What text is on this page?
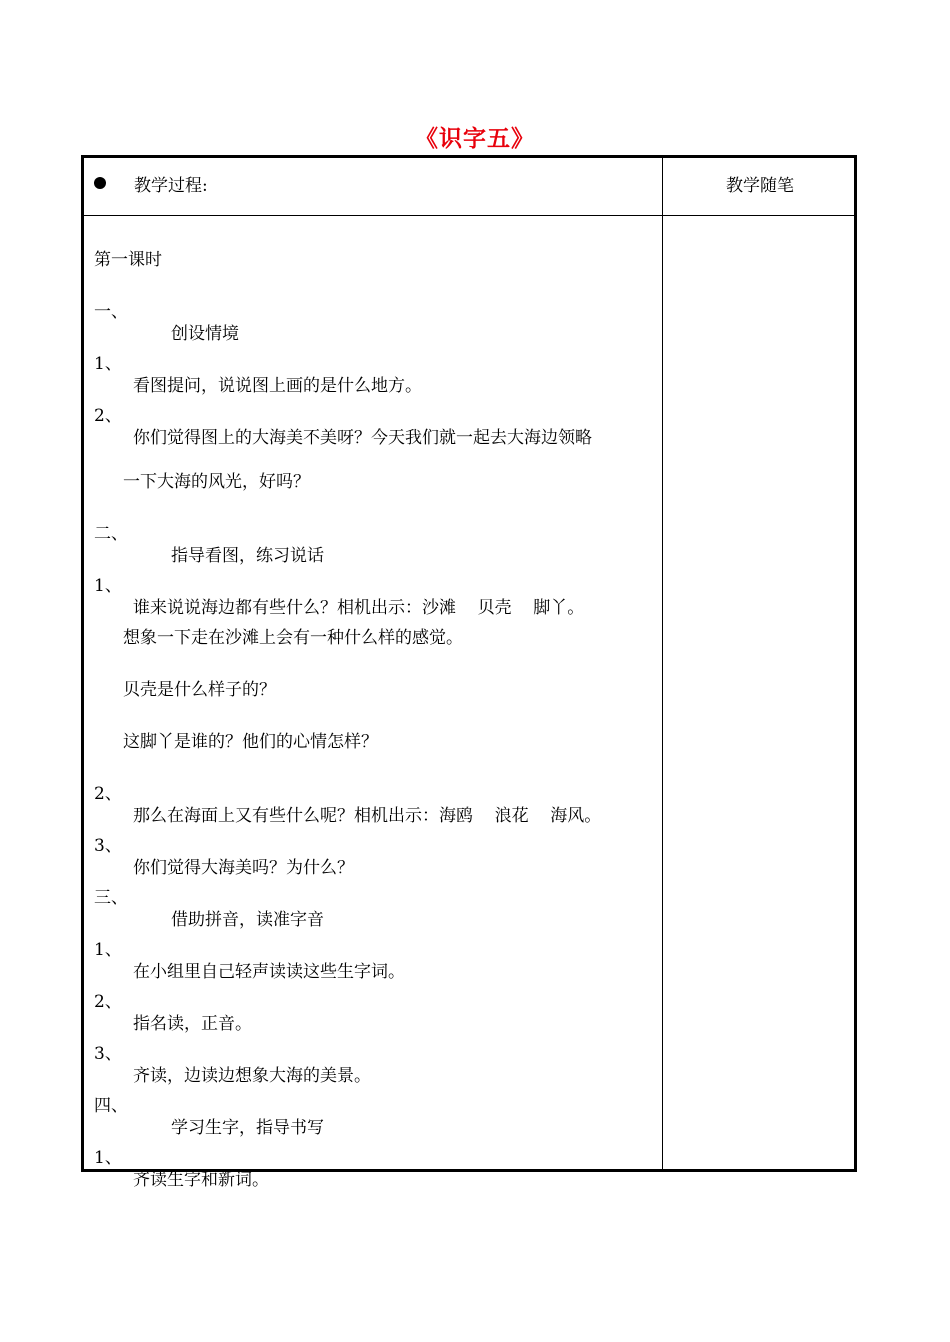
《识字五》
教学过程:	教学随笔

第一课时

一、

创设情境

1、

看图提问，说说图上画的是什么地方。

2、

你们觉得图上的大海美不美呀？今天我们就一起去大海边领略

一下大海的风光，好吗？

二、

指导看图，练习说话

1、

谁来说说海边都有些什么？相机出示：沙滩    贝壳    脚丫。

想象一下走在沙滩上会有一种什么样的感觉。

贝壳是什么样子的？

这脚丫是谁的？他们的心情怎样？

2、

那么在海面上又有些什么呢？相机出示：海鸥    浪花    海风。

3、

你们觉得大海美吗？为什么？

三、

借助拼音，读准字音

1、

在小组里自己轻声读读这些生字词。

2、

指名读，正音。

3、

齐读，边读边想象大海的美景。

四、

学习生字，指导书写

1、

齐读生字和新词。
